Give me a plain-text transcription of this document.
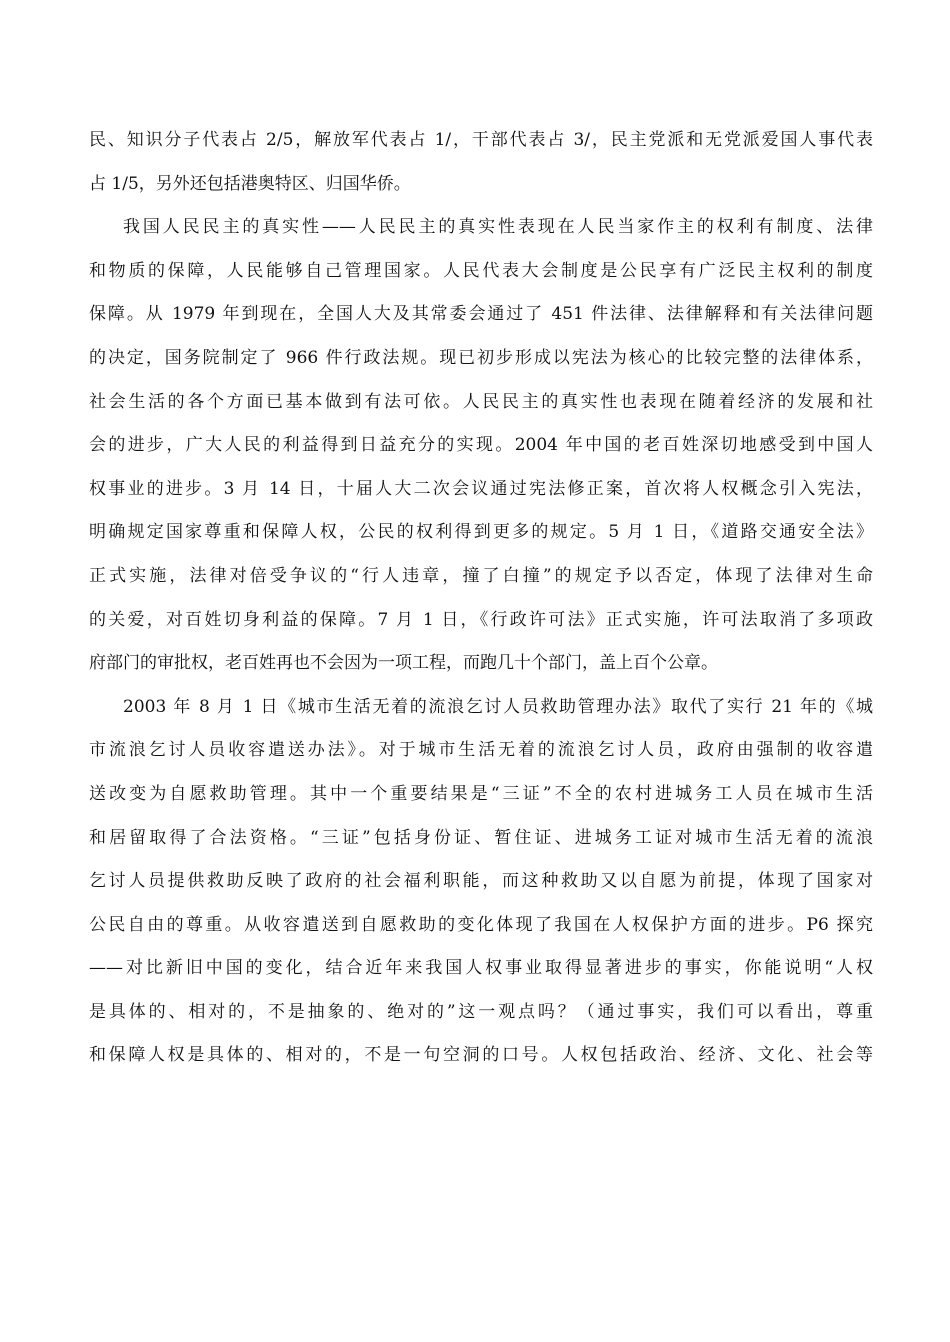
民、知识分子代表占 2/5，解放军代表占 1/，干部代表占 3/，民主党派和无党派爱国人事代表
占 1/5，另外还包括港奥特区、归国华侨。
我国人民民主的真实性——人民民主的真实性表现在人民当家作主的权利有制度、法律
和物质的保障，人民能够自己管理国家。人民代表大会制度是公民享有广泛民主权利的制度
保障。从 1979 年到现在，全国人大及其常委会通过了 451 件法律、法律解释和有关法律问题
的决定，国务院制定了 966 件行政法规。现已初步形成以宪法为核心的比较完整的法律体系，
社会生活的各个方面已基本做到有法可依。人民民主的真实性也表现在随着经济的发展和社
会的进步，广大人民的利益得到日益充分的实现。2004 年中国的老百姓深切地感受到中国人
权事业的进步。3 月 14 日，十届人大二次会议通过宪法修正案，首次将人权概念引入宪法，
明确规定国家尊重和保障人权，公民的权利得到更多的规定。5 月 1 日，《道路交通安全法》
正式实施，法律对倍受争议的“行人违章，撞了白撞”的规定予以否定，体现了法律对生命
的关爱，对百姓切身利益的保障。7 月 1 日，《行政许可法》正式实施，许可法取消了多项政
府部门的审批权，老百姓再也不会因为一项工程，而跑几十个部门，盖上百个公章。
2003 年 8 月 1 日《城市生活无着的流浪乞讨人员救助管理办法》取代了实行 21 年的《城
市流浪乞讨人员收容遣送办法》。对于城市生活无着的流浪乞讨人员，政府由强制的收容遣
送改变为自愿救助管理。其中一个重要结果是“三证”不全的农村进城务工人员在城市生活
和居留取得了合法资格。“三证”包括身份证、暂住证、进城务工证对城市生活无着的流浪
乞讨人员提供救助反映了政府的社会福利职能，而这种救助又以自愿为前提，体现了国家对
公民自由的尊重。从收容遣送到自愿救助的变化体现了我国在人权保护方面的进步。P6 探究
——对比新旧中国的变化，结合近年来我国人权事业取得显著进步的事实，你能说明“人权
是具体的、相对的，不是抽象的、绝对的”这一观点吗？（通过事实，我们可以看出，尊重
和保障人权是具体的、相对的，不是一句空洞的口号。人权包括政治、经济、文化、社会等
